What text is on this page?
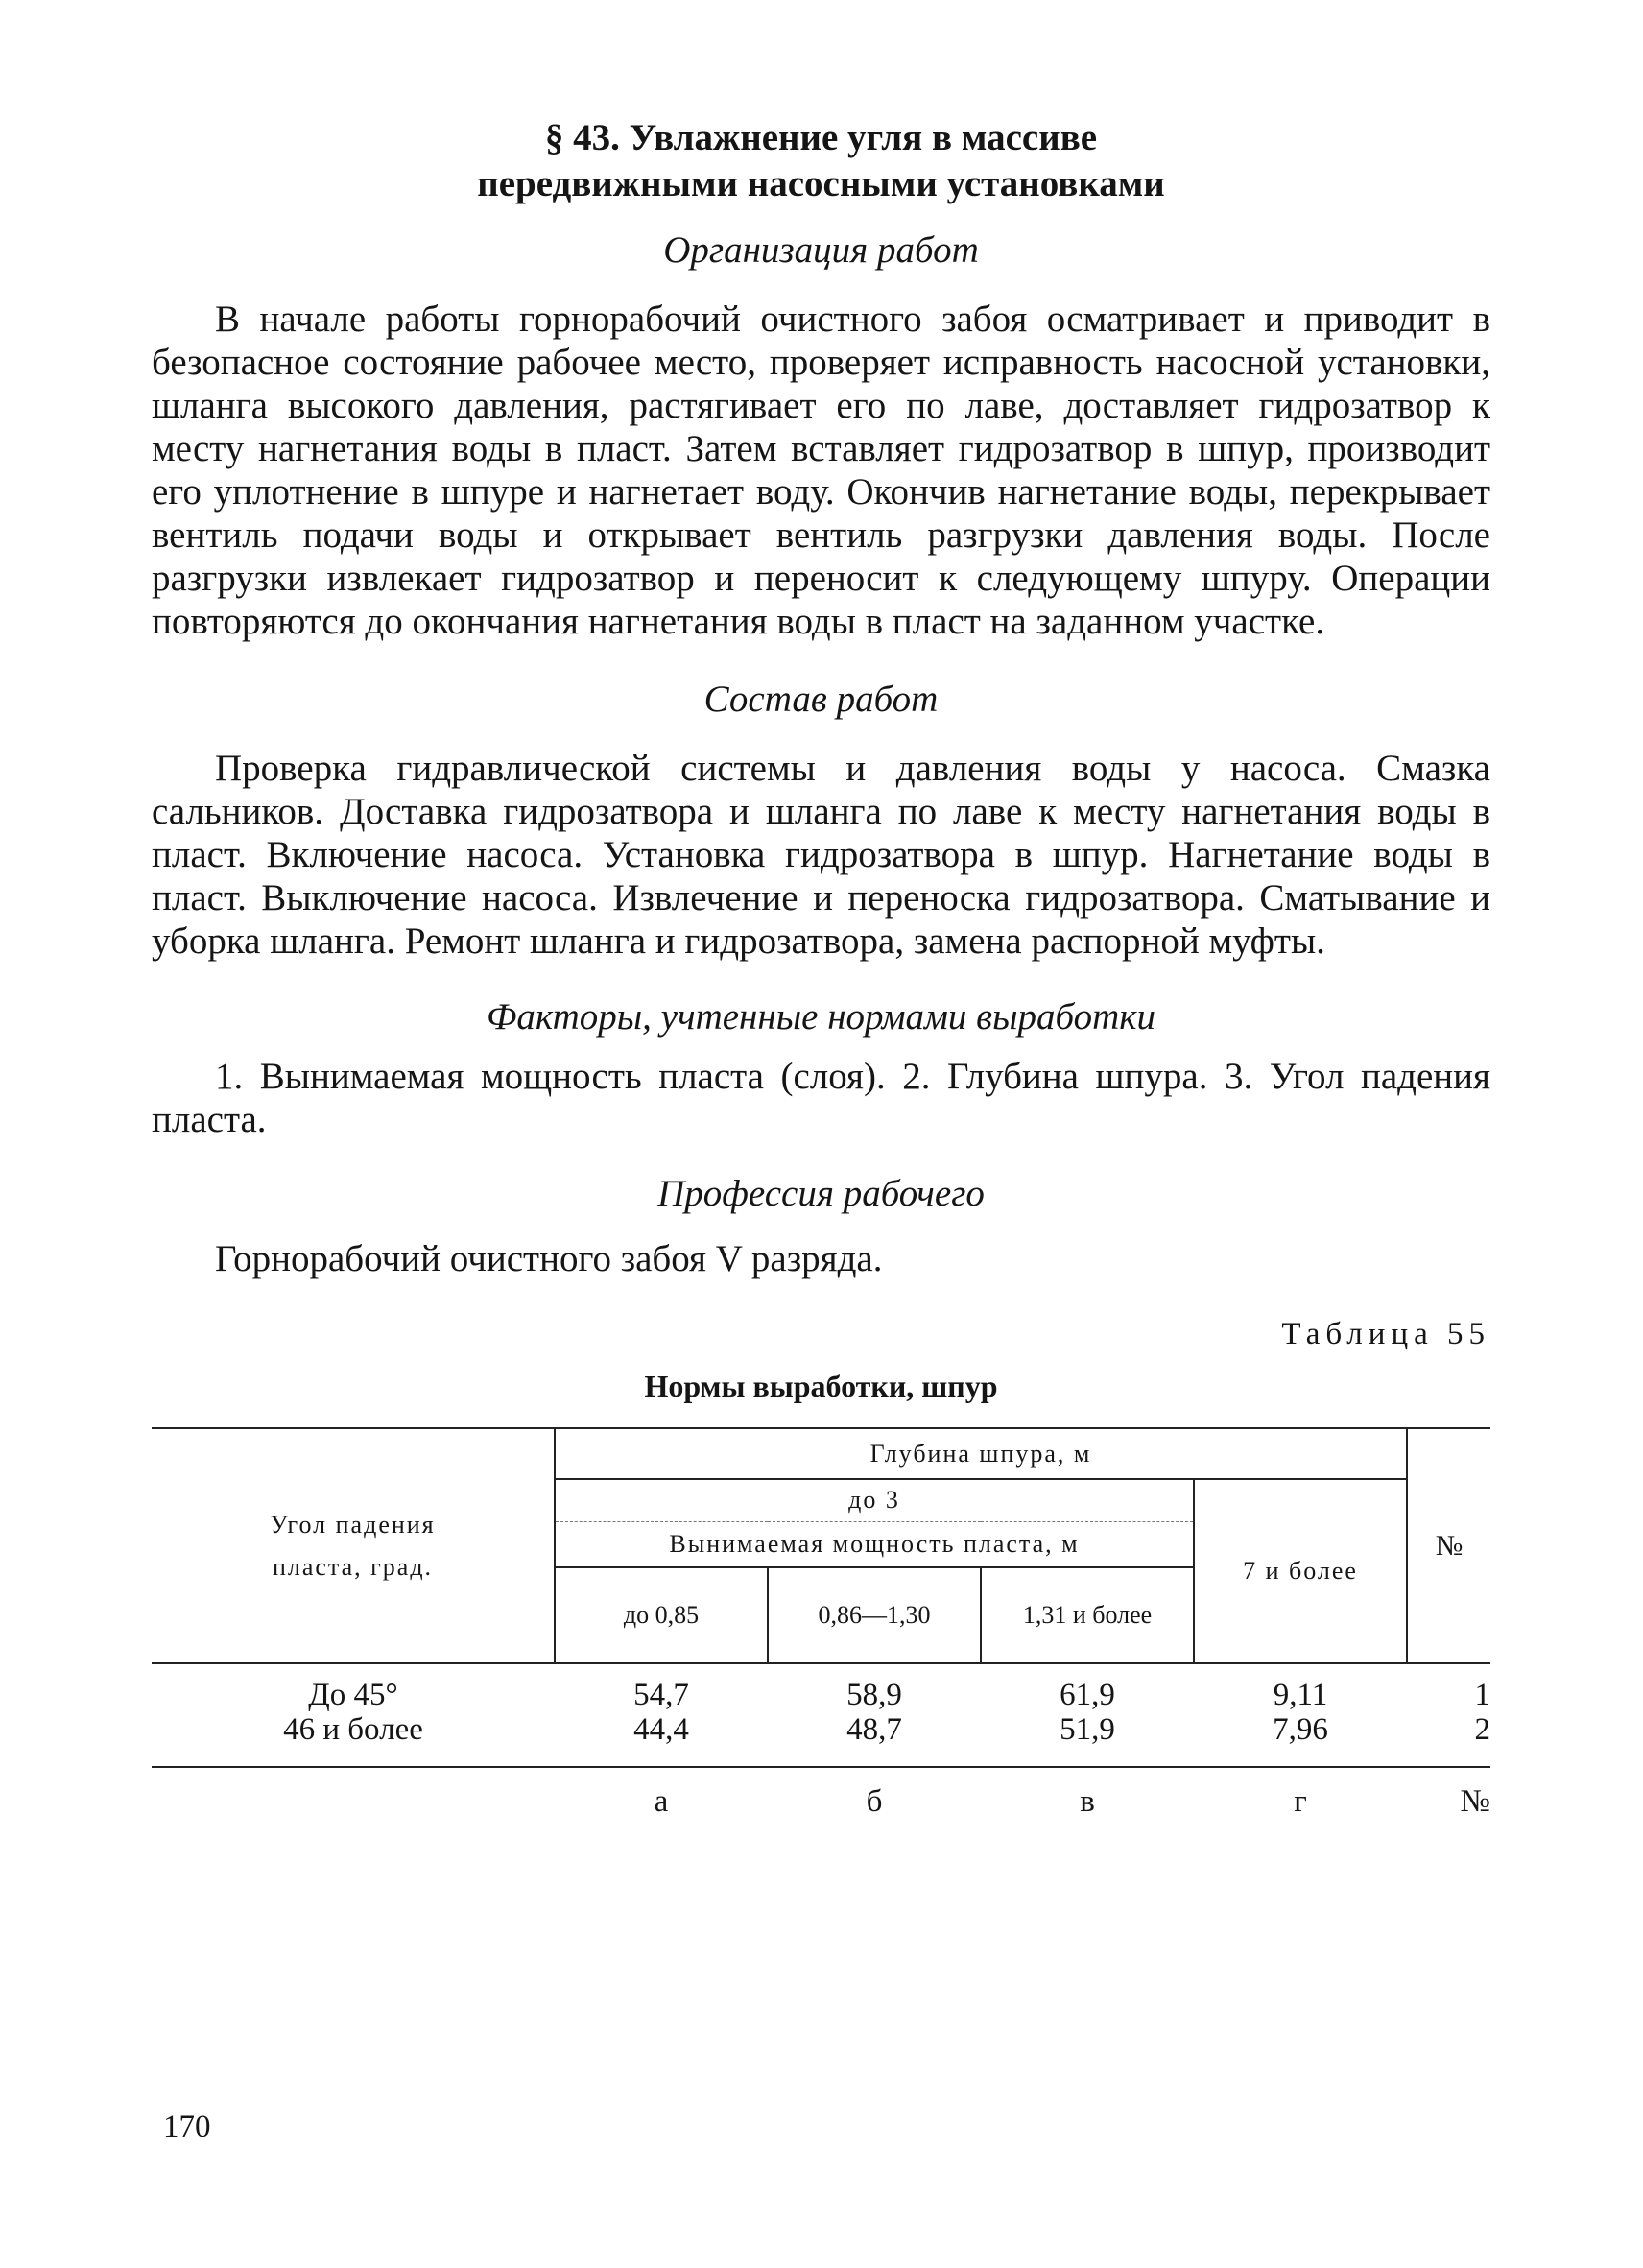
§ 43. Увлажнение угля в массиве
передвижными насосными установками
Организация работ

В начале работы горнорабочий очистного забоя осматривает и приводит в безопасное состояние рабочее место, проверяет исправность насосной установки, шланга высокого давления, растягивает его по лаве, доставляет гидрозатвор к месту нагнетания воды в пласт. Затем вставляет гидрозатвор в шпур, производит его уплотнение в шпуре и нагнетает воду. Окончив нагнетание воды, перекрывает вентиль подачи воды и открывает вентиль разгрузки давления воды. После разгрузки извлекает гидрозатвор и переносит к следующему шпуру. Операции повторяются до окончания нагнетания воды в пласт на заданном участке.

Состав работ

Проверка гидравлической системы и давления воды у насоса. Смазка сальников. Доставка гидрозатвора и шланга по лаве к месту нагнетания воды в пласт. Включение насоса. Установка гидрозатвора в шпур. Нагнетание воды в пласт. Выключение насоса. Извлечение и переноска гидрозатвора. Сматывание и уборка шланга. Ремонт шланга и гидрозатвора, замена распорной муфты.

Факторы, учтенные нормами выработки

1. Вынимаемая мощность пласта (слоя). 2. Глубина шпура. 3. Угол падения пласта.

Профессия рабочего

Горнорабочий очистного забоя V разряда.

Таблица 55
Нормы выработки, шпур
Угол падения
пласта, град.	Глубина шпура, м				№
	до 3			7 и более	
	Вынимаемая мощность пласта, м				
	до 0,85	0,86—1,30	1,31 и более		

До 45°	54,7	58,9	61,9	9,11	1
46 и более	44,4	48,7	51,9	7,96	2

	а	б	в	г	№
170
